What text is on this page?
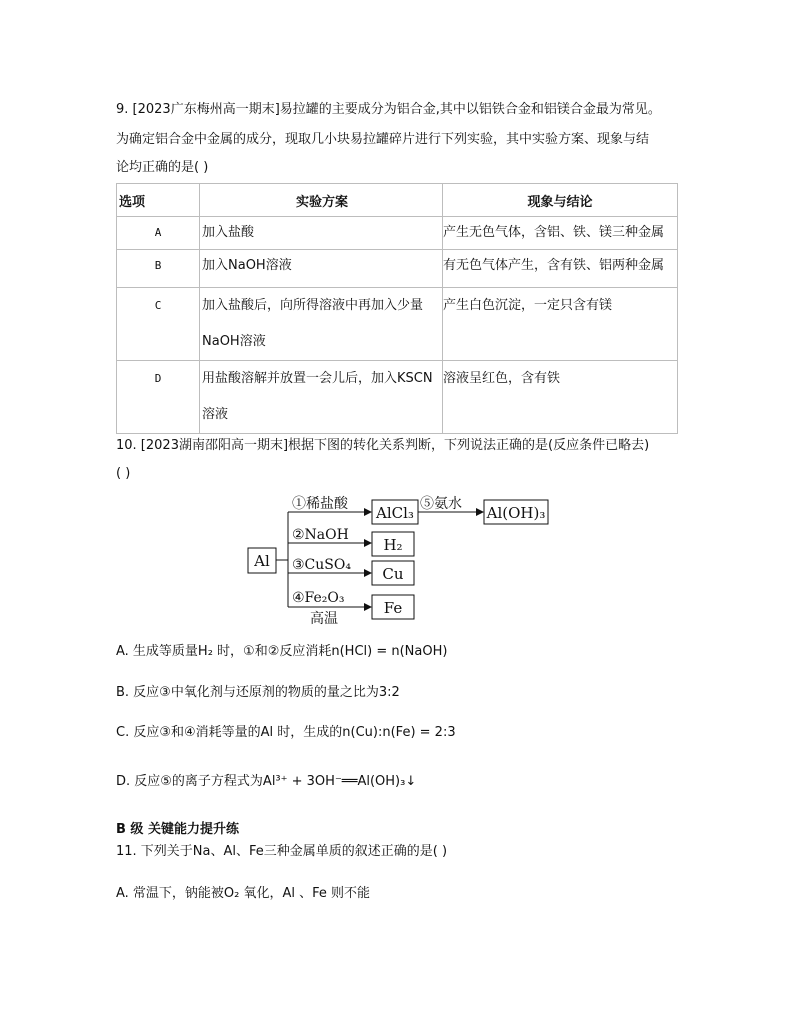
9. [2023广东梅州高一期末]易拉罐的主要成分为铝合金,其中以铝铁合金和铝镁合金最为常见。
为确定铝合金中金属的成分，现取几小块易拉罐碎片进行下列实验，其中实验方案、现象与结
论均正确的是( )
选项	实验方案	现象与结论

A	加入盐酸	产生无色气体，含铝、铁、镁三种金属

B	加入NaOH溶液	有无色气体产生，含有铁、铝两种金属

C	加入盐酸后，向所得溶液中再加入少量
NaOH溶液	产生白色沉淀，一定只含有镁

D	用盐酸溶解并放置一会儿后，加入KSCN
溶液	溶液呈红色，含有铁
10. [2023湖南邵阳高一期末]根据下图的转化关系判断，下列说法正确的是(反应条件已略去)
( )
Al
①稀盐酸 AlCl₃ ⑤氨水 Al(OH)₃
②NaOH
H₂
③CuSO₄ Cu
④Fe₂O₃
高温
Fe
A. 生成等质量H₂ 时，①和②反应消耗n(HCl) = n(NaOH)
B. 反应③中氧化剂与还原剂的物质的量之比为3:2
C. 反应③和④消耗等量的Al 时，生成的n(Cu):n(Fe) = 2:3
D. 反应⑤的离子方程式为Al³⁺ + 3OH⁻══Al(OH)₃↓
B 级 关键能力提升练
11. 下列关于Na、Al、Fe三种金属单质的叙述正确的是( )
A. 常温下，钠能被O₂ 氧化，Al 、Fe 则不能
